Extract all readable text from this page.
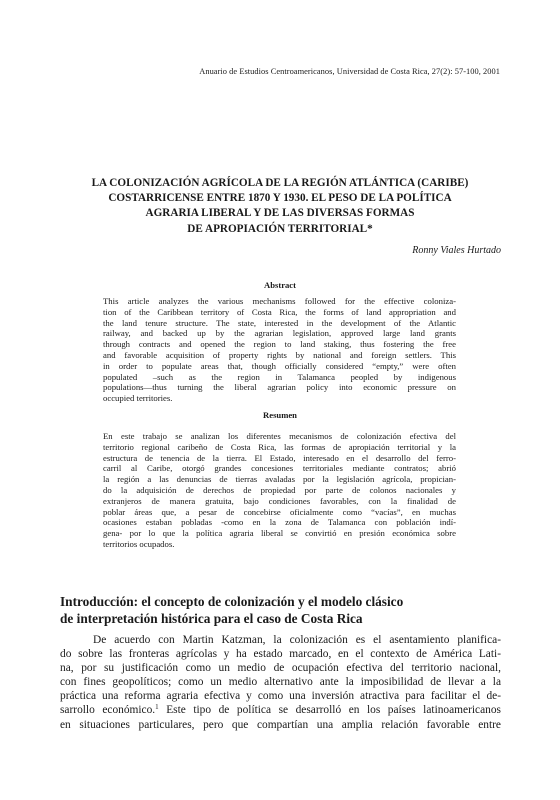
Anuario de Estudios Centroamericanos, Universidad de Costa Rica, 27(2): 57-100, 2001
LA COLONIZACIÓN AGRÍCOLA DE LA REGIÓN ATLÁNTICA (CARIBE)
COSTARRICENSE ENTRE 1870 Y 1930. EL PESO DE LA POLÍTICA
AGRARIA LIBERAL Y DE LAS DIVERSAS FORMAS
DE APROPIACIÓN TERRITORIAL*
Ronny Viales Hurtado
Abstract

This article analyzes the various mechanisms followed for the effective coloniza-
tion of the Caribbean territory of Costa Rica, the forms of land appropriation and
the land tenure structure. The state, interested in the development of the Atlantic
railway, and backed up by the agrarian legislation, approved large land grants
through contracts and opened the region to land staking, thus fostering the free
and favorable acquisition of property rights by national and foreign settlers. This
in order to populate areas that, though officially considered “empty,” were often
populated –such as the region in Talamanca peopled by indigenous
populations—thus turning the liberal agrarian policy into economic pressure on
occupied territories.

Resumen

En este trabajo se analizan los diferentes mecanismos de colonización efectiva del
territorio regional caribeño de Costa Rica, las formas de apropiación territorial y la
estructura de tenencia de la tierra. El Estado, interesado en el desarrollo del ferro-
carril al Caribe, otorgó grandes concesiones territoriales mediante contratos; abrió
la región a las denuncias de tierras avaladas por la legislación agrícola, propician-
do la adquisición de derechos de propiedad por parte de colonos nacionales y
extranjeros de manera gratuita, bajo condiciones favorables, con la finalidad de
poblar áreas que, a pesar de concebirse oficialmente como “vacías”, en muchas
ocasiones estaban pobladas -como en la zona de Talamanca con población indí-
gena- por lo que la política agraria liberal se convirtió en presión económica sobre
territorios ocupados.

Introducción: el concepto de colonización y el modelo clásico
de interpretación histórica para el caso de Costa Rica

De acuerdo con Martin Katzman, la colonización es el asentamiento planifica-
do sobre las fronteras agrícolas y ha estado marcado, en el contexto de América Lati-
na, por su justificación como un medio de ocupación efectiva del territorio nacional,
con fines geopolíticos; como un medio alternativo ante la imposibilidad de llevar a la
práctica una reforma agraria efectiva y como una inversión atractiva para facilitar el de-
sarrollo económico.$^1$ Este tipo de política se desarrolló en los países latinoamericanos
en situaciones particulares, pero que compartían una amplia relación favorable entre
